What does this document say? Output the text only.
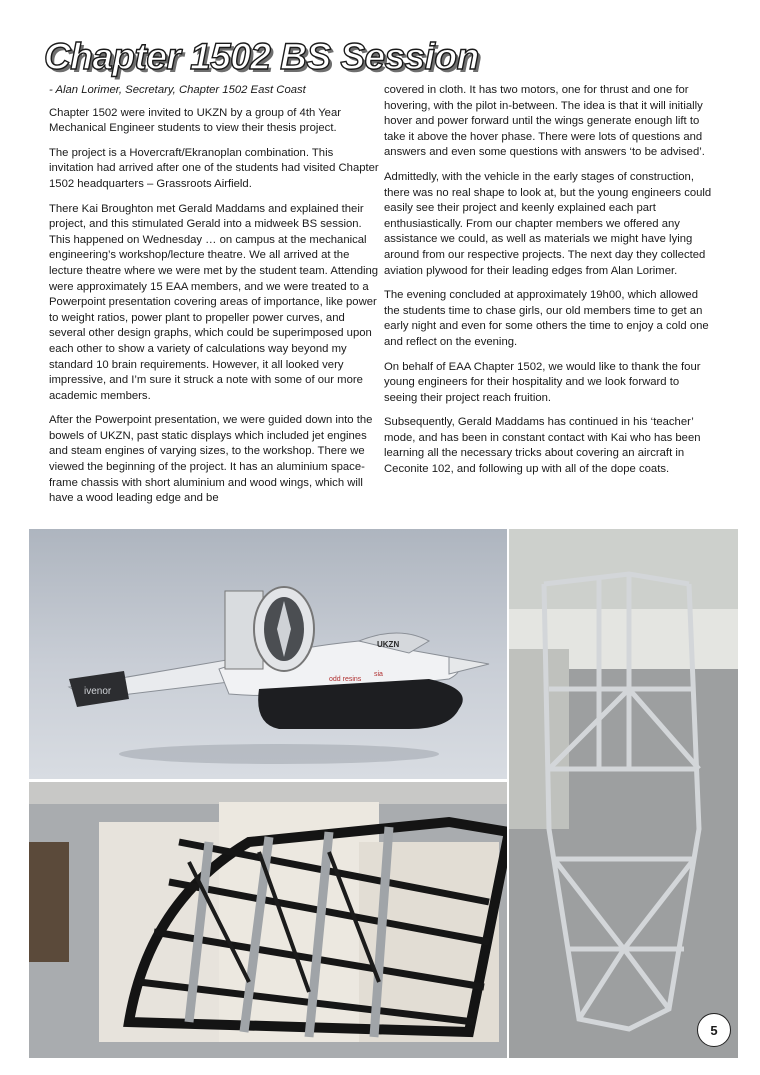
Chapter 1502 BS Session

- Alan Lorimer, Secretary, Chapter 1502 East Coast

Chapter 1502 were invited to UKZN by a group of 4th Year Mechanical Engineer students to view their thesis project.

The project is a Hovercraft/Ekranoplan combination. This invitation had arrived after one of the students had visited Chapter 1502 headquarters – Grassroots Airfield.

There Kai Broughton met Gerald Maddams and explained their project, and this stimulated Gerald into a midweek BS session. This happened on Wednesday … on campus at the mechanical engineering’s workshop/lecture theatre. We all arrived at the lecture theatre where we were met by the student team. Attending were approximately 15 EAA members, and we were treated to a Powerpoint presentation covering areas of importance, like power to weight ratios, power plant to propeller power curves, and several other design graphs, which could be superimposed upon each other to show a variety of calculations way beyond my standard 10 brain requirements. However, it all looked very impressive, and I’m sure it struck a note with some of our more academic members.

After the Powerpoint presentation, we were guided down into the bowels of UKZN, past static displays which included jet engines and steam engines of varying sizes, to the workshop. There we viewed the beginning of the project. It has an aluminium space-frame chassis with short aluminium and wood wings, which will have a wood leading edge and be

covered in cloth. It has two motors, one for thrust and one for hovering, with the pilot in-between. The idea is that it will initially hover and power forward until the wings generate enough lift to take it above the hover phase. There were lots of questions and answers and even some questions with answers ‘to be advised’.

Admittedly, with the vehicle in the early stages of construction, there was no real shape to look at, but the young engineers could easily see their project and keenly explained each part enthusiastically. From our chapter members we offered any assistance we could, as well as materials we might have lying around from our respective projects. The next day they collected aviation plywood for their leading edges from Alan Lorimer.

The evening concluded at approximately 19h00, which allowed the students time to chase girls, our old members time to get an early night and even for some others the time to enjoy a cold one and reflect on the evening.

On behalf of EAA Chapter 1502, we would like to thank the four young engineers for their hospitality and we look forward to seeing their project reach fruition.

Subsequently, Gerald Maddams has continued in his ‘teacher’ mode, and has been in constant contact with Kai who has been learning all the necessary tricks about covering an aircraft in Ceconite 102, and following up with all of the dope coats.

ivenor
odd resins
sia
UKZN
5
